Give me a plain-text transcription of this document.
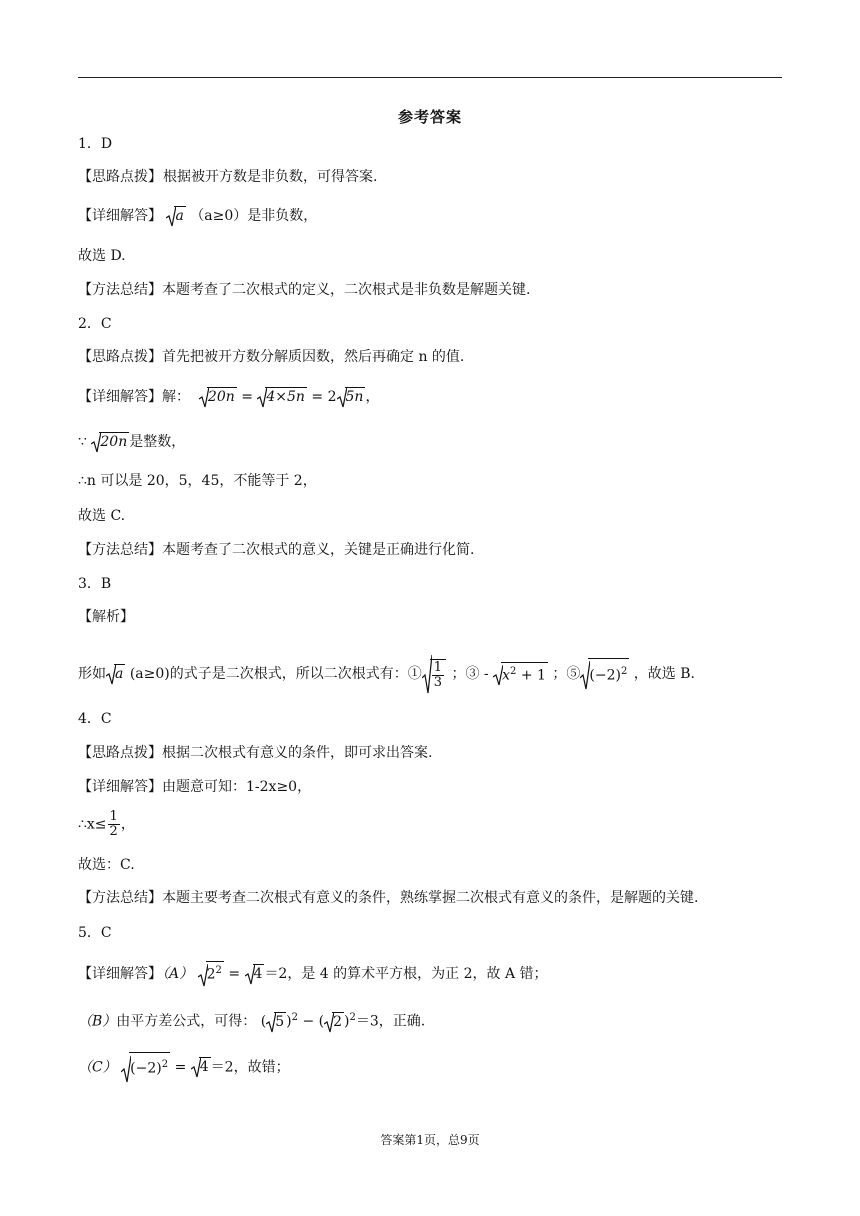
参考答案
1．D
【思路点拨】根据被开方数是非负数，可得答案.
【详细解答】 a （a≥0）是非负数，
故选 D.
【方法总结】本题考查了二次根式的定义，二次根式是非负数是解题关键.
2．C
【思路点拨】首先把被开方数分解质因数，然后再确定 n 的值.
【详细解答】解： 20n = 4×5n = 2 5n ，
∵ 20n 是整数，
∴n 可以是 20，5，45，不能等于 2，
故选 C.
【方法总结】本题考查了二次根式的意义，关键是正确进行化简.
3．B
【解析】
形如 a (a≥0)的式子是二次根式，所以二次根式有：① $\frac{1}{3}$ ；③ - $x^2 + 1$ ；⑤ $(-2)^2$ ，故选 B.
4．C
【思路点拨】根据二次根式有意义的条件，即可求出答案.
【详细解答】由题意可知：1-2x≥0，
∴x≤ $\frac{1}{2}$ ，
故选：C.
【方法总结】本题主要考查二次根式有意义的条件，熟练掌握二次根式有意义的条件，是解题的关键.
5．C
【详细解答】（A） $2^2 = 4 =2$，是 4 的算术平方根，为正 2，故 A 错；
（B）由平方差公式，可得： ( 5 )$^2$ − ( 2 )$^2$＝3，正确.
（C） $(-2)^2 = 4 =2$，故错；
答案第1页，总9页
